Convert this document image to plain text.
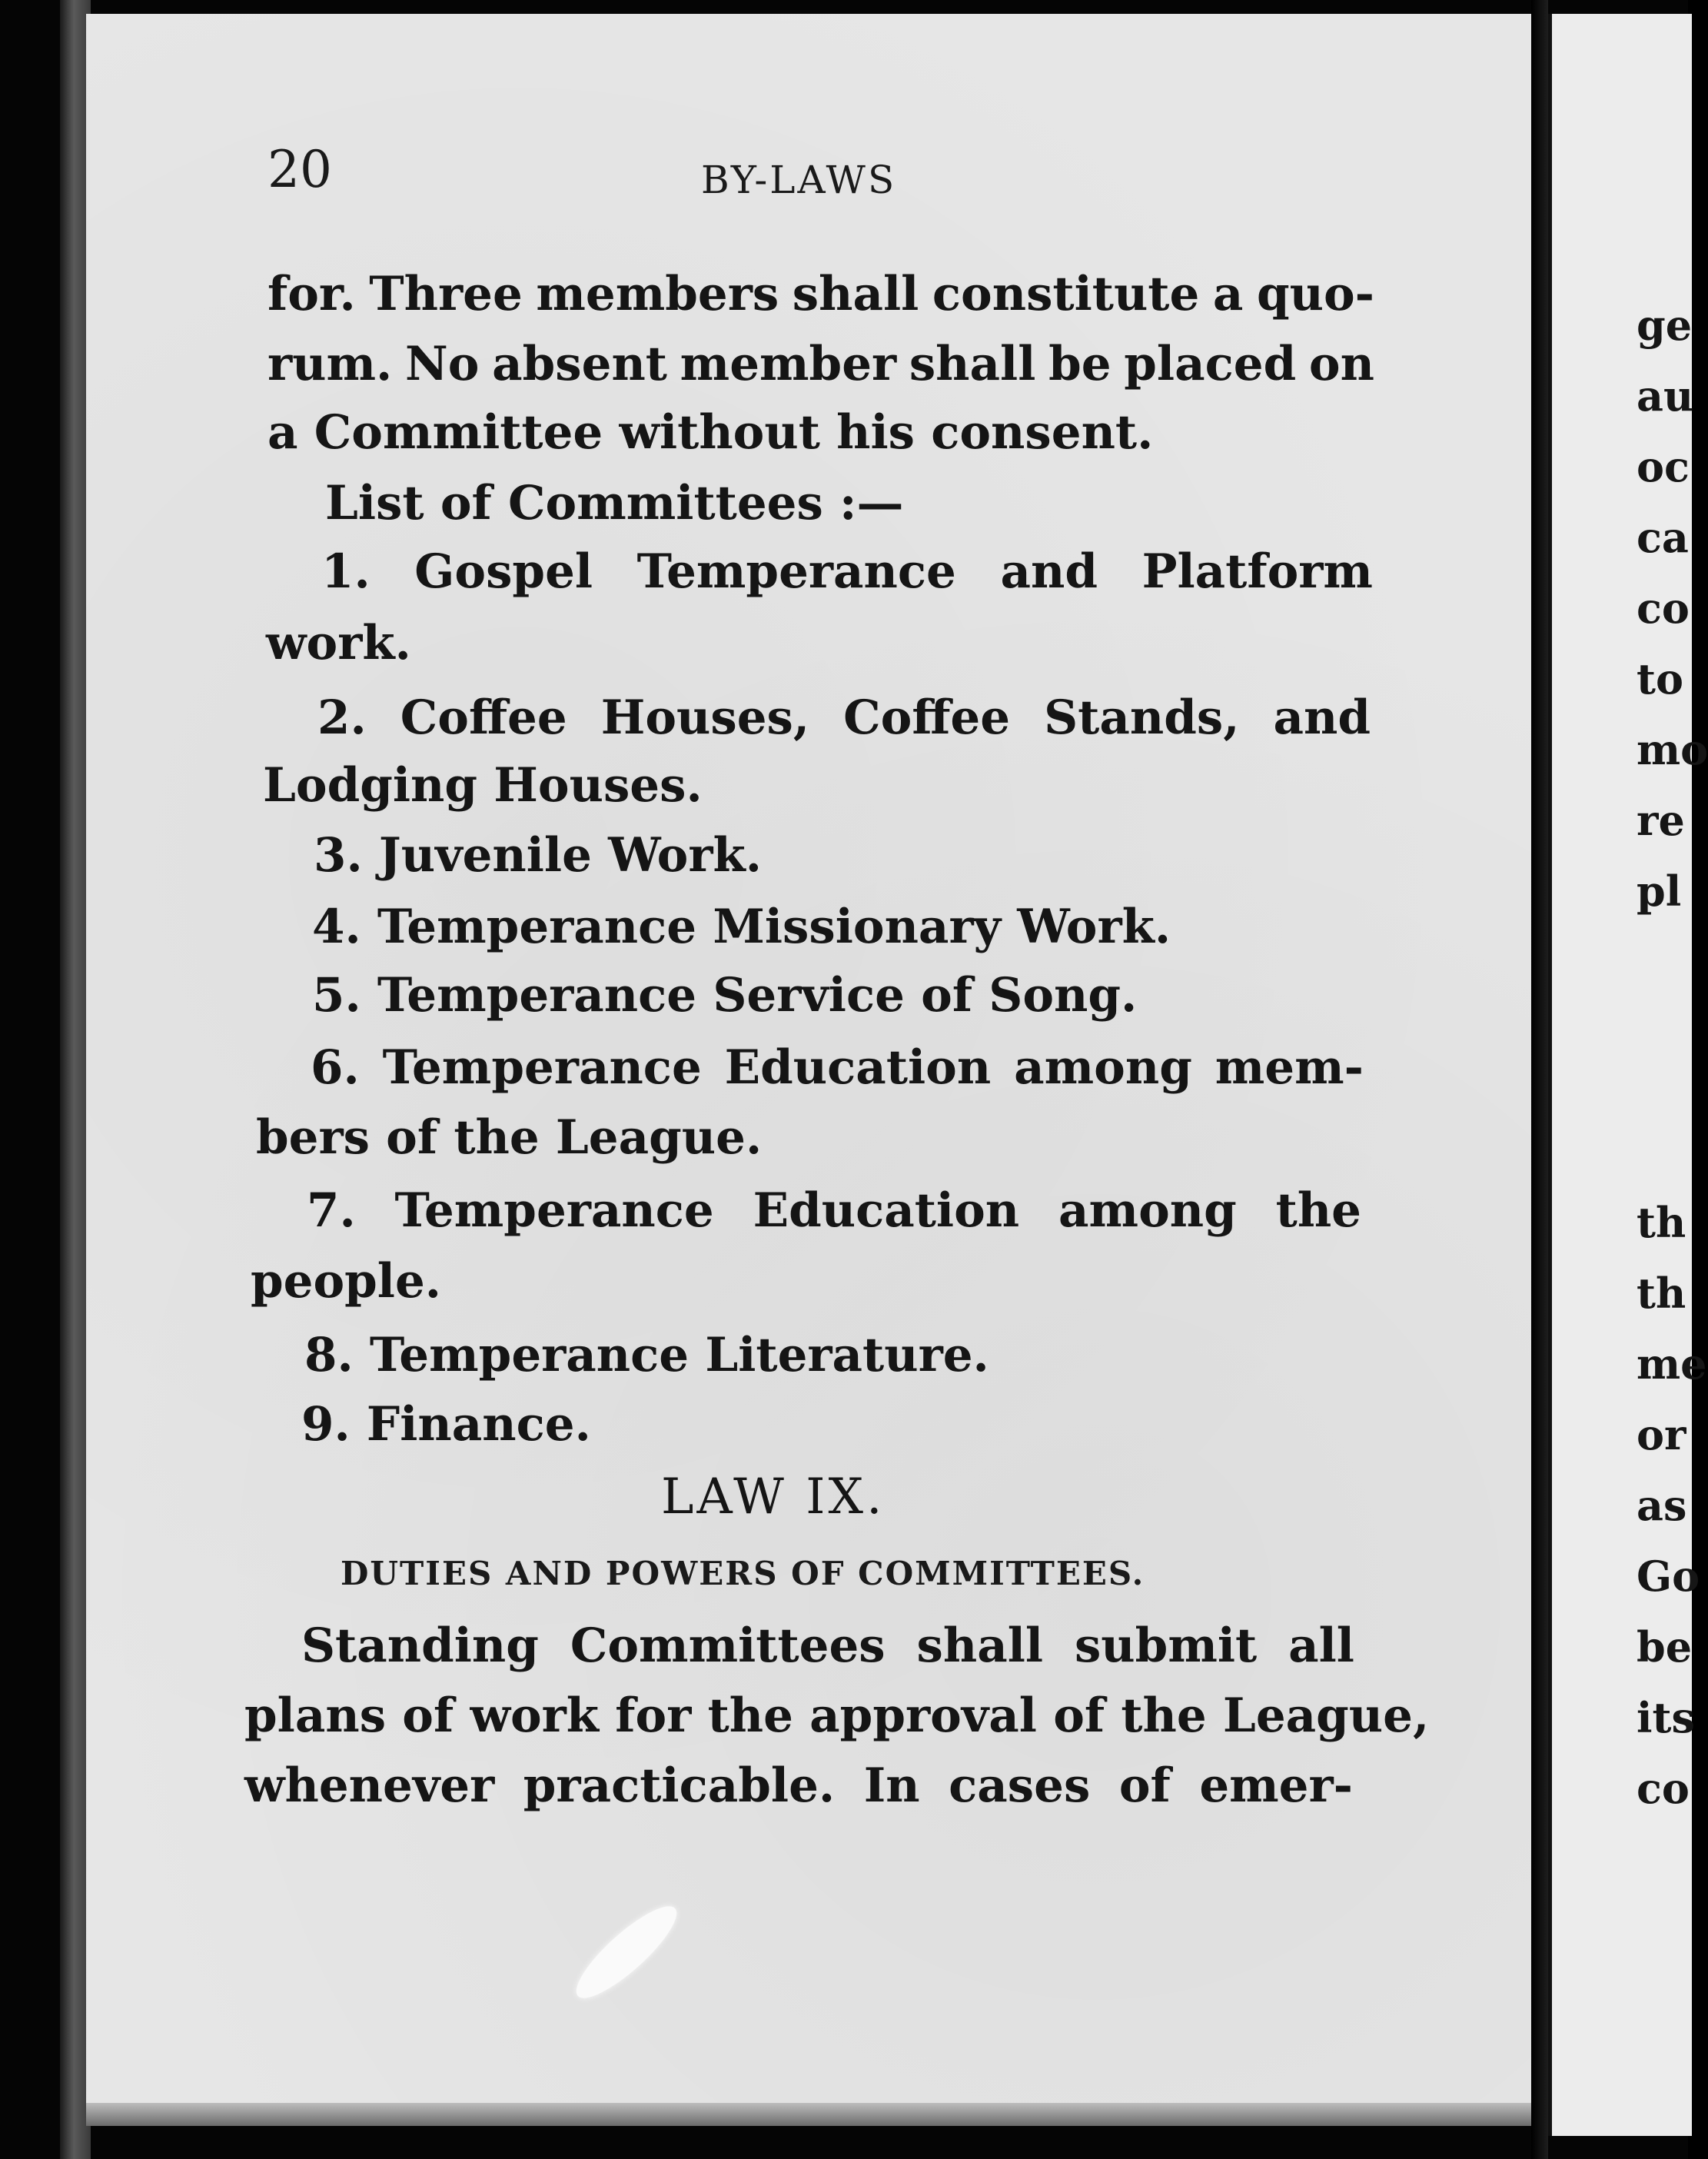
ge
au
oc
ca
co
to
mo
re
pl
th
th
me
or
as
Go
be
its
co
20	BY-LAWS
for. Three members shall constitute a quo-
rum. No absent member shall be placed on
a Committee without his consent.
List of Committees :—
1. Gospel Temperance and Platform
work.
2. Coffee Houses, Coffee Stands, and
Lodging Houses.
3. Juvenile Work.
4. Temperance Missionary Work.
5. Temperance Service of Song.
6. Temperance Education among mem-
bers of the League.
7. Temperance Education among the
people.
8. Temperance Literature.
9. Finance.
LAW IX.
DUTIES AND POWERS OF COMMITTEES.
Standing Committees shall submit all
plans of work for the approval of the League,
whenever practicable. In cases of emer-
